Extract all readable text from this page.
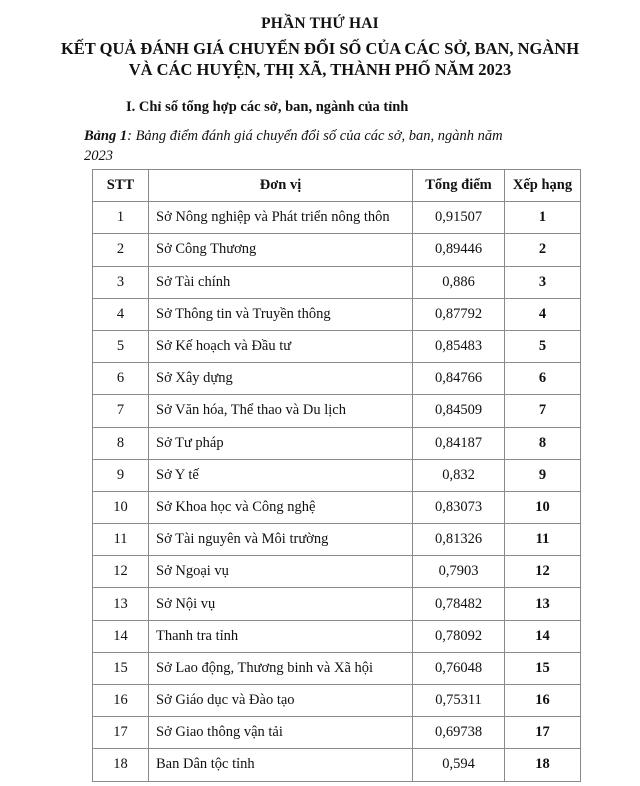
PHẦN THỨ HAI
KẾT QUẢ ĐÁNH GIÁ CHUYỂN ĐỔI SỐ CỦA CÁC SỞ, BAN, NGÀNH
VÀ CÁC HUYỆN, THỊ XÃ, THÀNH PHỐ NĂM 2023
I. Chỉ số tổng hợp các sở, ban, ngành của tỉnh
Bảng 1: Bảng điểm đánh giá chuyển đổi số của các sở, ban, ngành năm
2023
STT	Đơn vị	Tổng điểm	Xếp hạng
1	Sở Nông nghiệp và Phát triển nông thôn	0,91507	1
2	Sở Công Thương	0,89446	2
3	Sở Tài chính	0,886	3
4	Sở Thông tin và Truyền thông	0,87792	4
5	Sở Kế hoạch và Đầu tư	0,85483	5
6	Sở Xây dựng	0,84766	6
7	Sở Văn hóa, Thể thao và Du lịch	0,84509	7
8	Sở Tư pháp	0,84187	8
9	Sở Y tế	0,832	9
10	Sở Khoa học và Công nghệ	0,83073	10
11	Sở Tài nguyên và Môi trường	0,81326	11
12	Sở Ngoại vụ	0,7903	12
13	Sở Nội vụ	0,78482	13
14	Thanh tra tỉnh	0,78092	14
15	Sở Lao động, Thương binh và Xã hội	0,76048	15
16	Sở Giáo dục và Đào tạo	0,75311	16
17	Sở Giao thông vận tải	0,69738	17
18	Ban Dân tộc tỉnh	0,594	18
